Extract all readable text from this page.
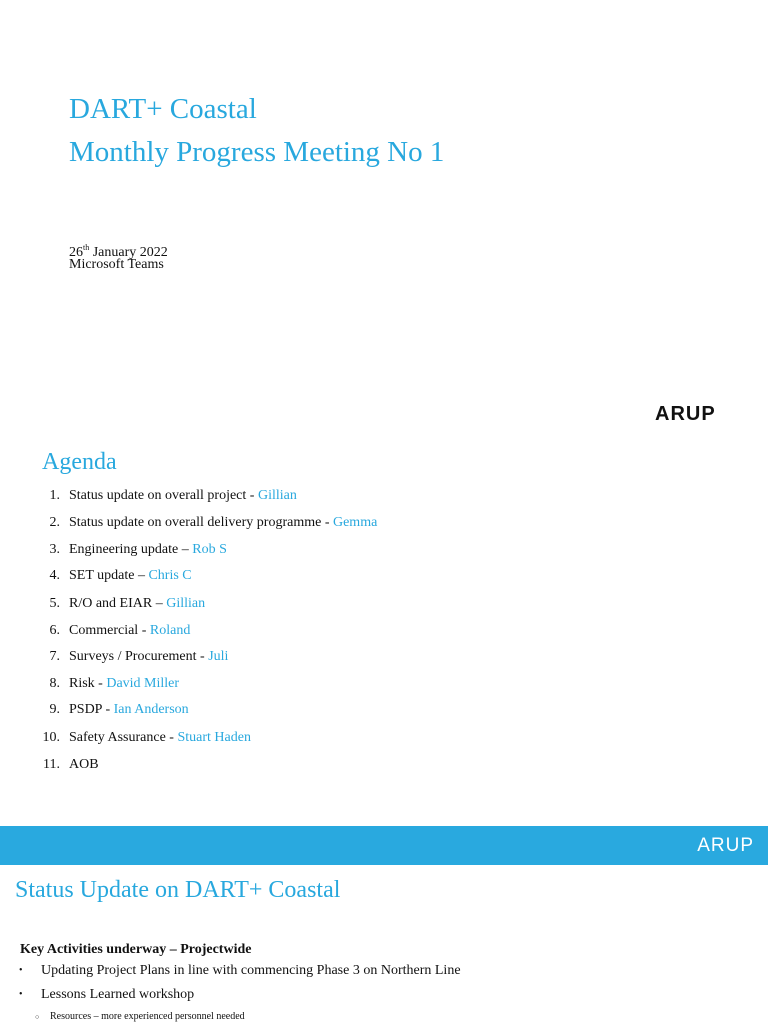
DART+ Coastal
Monthly Progress Meeting No 1
26th January 2022
Microsoft Teams
ARUP
Agenda
1. Status update on overall project - Gillian
2. Status update on overall delivery programme - Gemma
3. Engineering update – Rob S
4. SET update – Chris C
5. R/O and EIAR – Gillian
6. Commercial - Roland
7. Surveys / Procurement - Juli
8. Risk - David Miller
9. PSDP - Ian Anderson
10. Safety Assurance - Stuart Haden
11. AOB
ARUP
Status Update on DART+ Coastal
Key Activities underway – Projectwide
• Updating Project Plans in line with commencing Phase 3 on Northern Line
• Lessons Learned workshop
○ Resources – more experienced personnel needed
